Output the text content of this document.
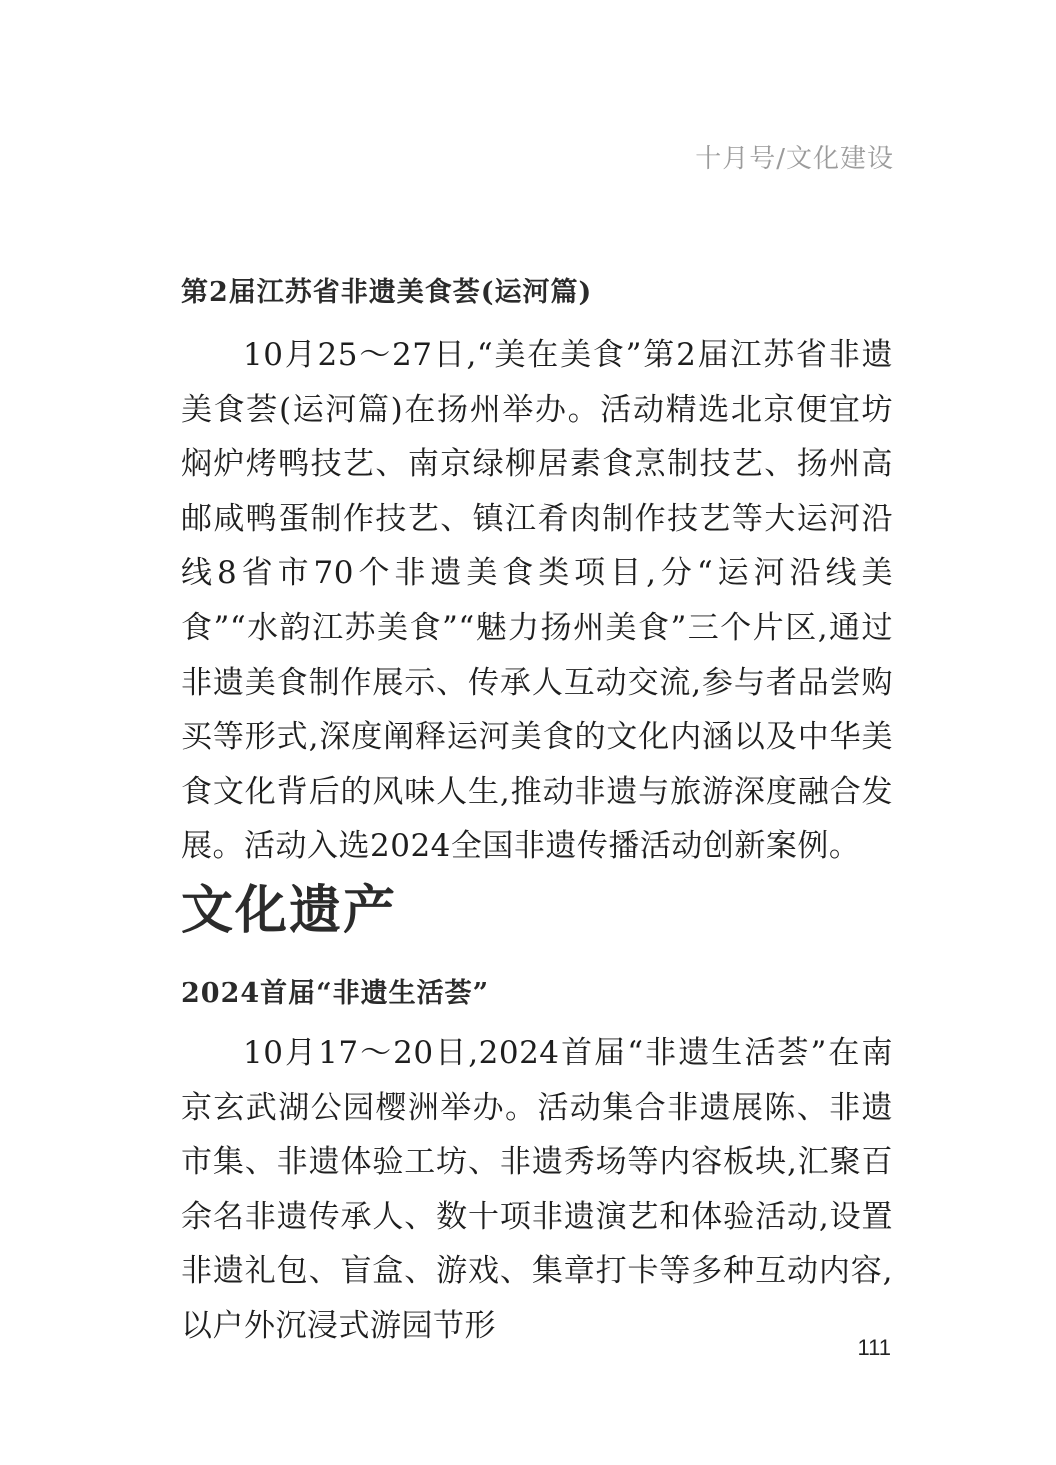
十月号/文化建设
第2届江苏省非遗美食荟(运河篇)

10月25～27日,“美在美食”第2届江苏省非遗美食荟(运河篇)在扬州举办。活动精选北京便宜坊焖炉烤鸭技艺、南京绿柳居素食烹制技艺、扬州高邮咸鸭蛋制作技艺、镇江肴肉制作技艺等大运河沿线8省市70个非遗美食类项目,分“运河沿线美食”“水韵江苏美食”“魅力扬州美食”三个片区,通过非遗美食制作展示、传承人互动交流,参与者品尝购买等形式,深度阐释运河美食的文化内涵以及中华美食文化背后的风味人生,推动非遗与旅游深度融合发展。活动入选2024全国非遗传播活动创新案例。

文化遗产
2024首届“非遗生活荟”

10月17～20日,2024首届“非遗生活荟”在南京玄武湖公园樱洲举办。活动集合非遗展陈、非遗市集、非遗体验工坊、非遗秀场等内容板块,汇聚百余名非遗传承人、数十项非遗演艺和体验活动,设置非遗礼包、盲盒、游戏、集章打卡等多种互动内容,以户外沉浸式游园节形

111
